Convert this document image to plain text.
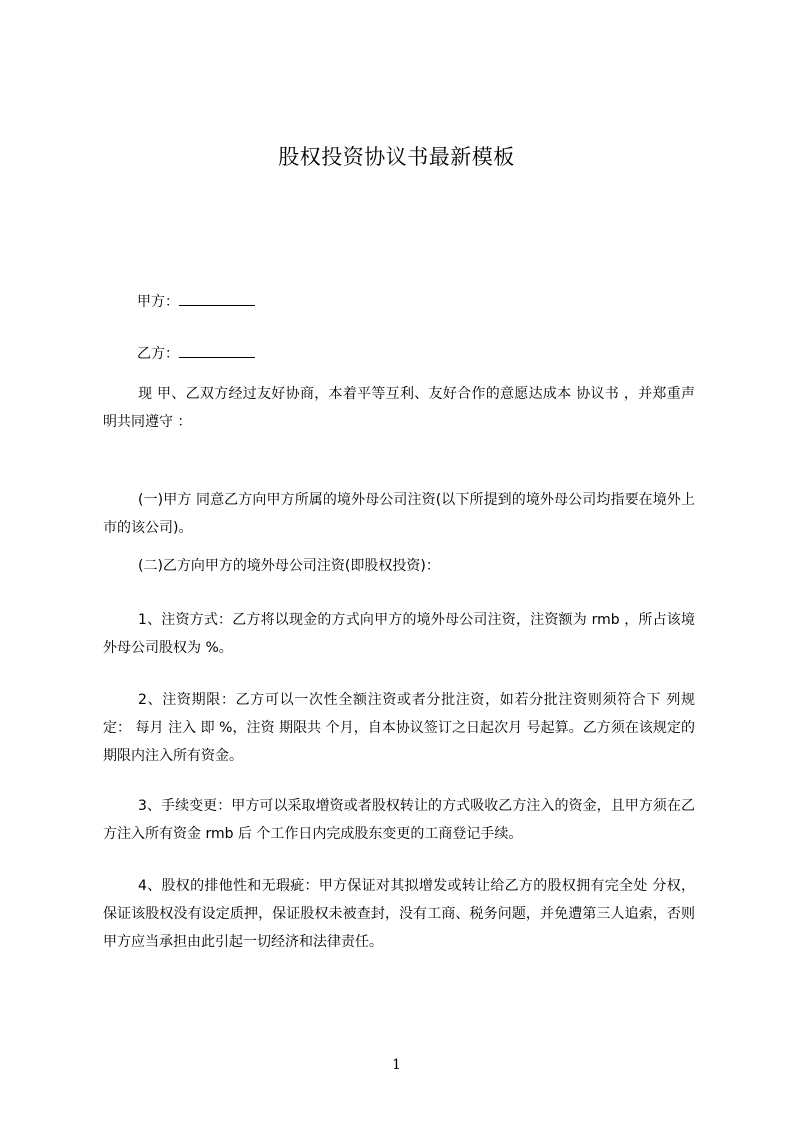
股权投资协议书最新模板
甲方：
乙方：

现 甲、乙双方经过友好协商，本着平等互利、友好合作的意愿达成本 协议书 ，并郑重声明共同遵守 ：

(一)甲方 同意乙方向甲方所属的境外母公司注资(以下所提到的境外母公司均指要在境外上市的该公司)。

(二)乙方向甲方的境外母公司注资(即股权投资)：

1、注资方式：乙方将以现金的方式向甲方的境外母公司注资，注资额为 rmb ，所占该境外母公司股权为 %。

2、注资期限：乙方可以一次性全额注资或者分批注资，如若分批注资则须符合下 列规定： 每月 注入 即 %，注资 期限共 个月，自本协议签订之日起次月 号起算。乙方须在该规定的期限内注入所有资金。

3、手续变更：甲方可以采取增资或者股权转让的方式吸收乙方注入的资金，且甲方须在乙方注入所有资金 rmb 后 个工作日内完成股东变更的工商登记手续。

4、股权的排他性和无瑕疵：甲方保证对其拟增发或转让给乙方的股权拥有完全处 分权，保证该股权没有设定质押，保证股权未被查封，没有工商、税务问题，并免遭第三人追索，否则甲方应当承担由此引起一切经济和法律责任。

1
